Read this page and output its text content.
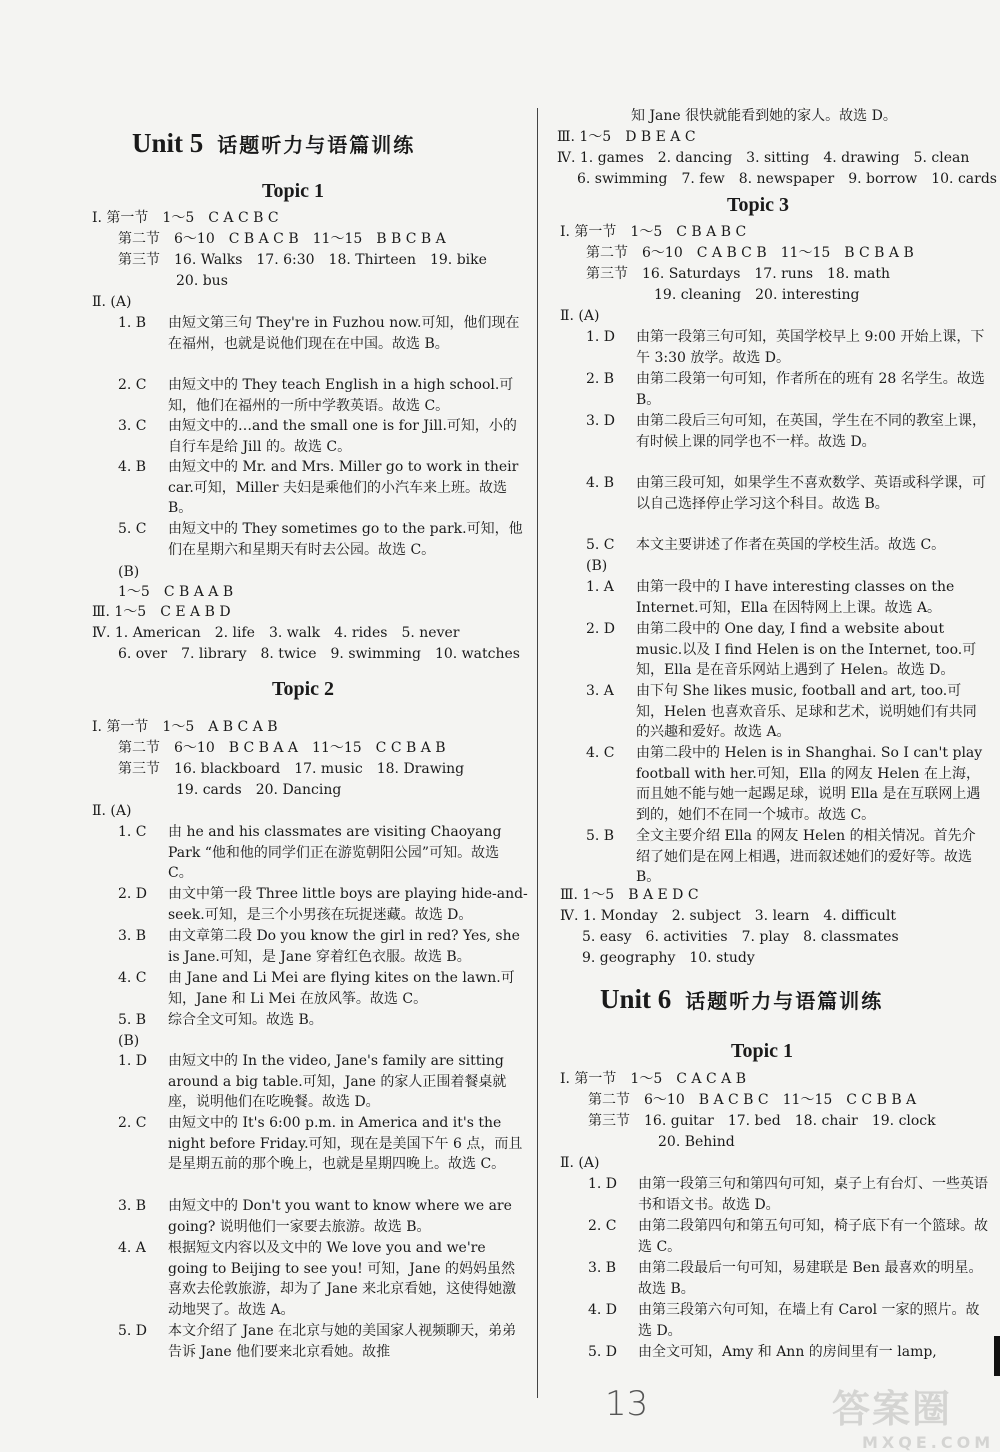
Unit 5 话题听力与语篇训练
Topic 1
Ⅰ. 第一节　1～5　C A C B C
第二节　6～10　C B A C B　11～15　B B C B A
第三节　16. Walks　17. 6:30　18. Thirteen　19. bike
20. bus
Ⅱ. (A)
1. B 由短文第三句 They're in Fuzhou now.可知，他们现在在福州，也就是说他们现在在中国。故选 B。
2. C 由短文中的 They teach English in a high school.可知，他们在福州的一所中学教英语。故选 C。
3. C 由短文中的…and the small one is for Jill.可知，小的自行车是给 Jill 的。故选 C。
4. B 由短文中的 Mr. and Mrs. Miller go to work in their car.可知，Miller 夫妇是乘他们的小汽车来上班。故选 B。
5. C 由短文中的 They sometimes go to the park.可知，他们在星期六和星期天有时去公园。故选 C。
(B)
1～5　C B A A B
Ⅲ. 1～5　C E A B D
Ⅳ. 1. American　2. life　3. walk　4. rides　5. never
6. over　7. library　8. twice　9. swimming　10. watches
Topic 2
Ⅰ. 第一节　1～5　A B C A B
第二节　6～10　B C B A A　11～15　C C B A B
第三节　16. blackboard　17. music　18. Drawing
19. cards　20. Dancing
Ⅱ. (A)
1. C 由 he and his classmates are visiting Chaoyang Park “他和他的同学们正在游览朝阳公园”可知。故选 C。
2. D 由文中第一段 Three little boys are playing hide-and-seek.可知，是三个小男孩在玩捉迷藏。故选 D。
3. B 由文章第二段 Do you know the girl in red? Yes, she is Jane.可知，是 Jane 穿着红色衣服。故选 B。
4. C 由 Jane and Li Mei are flying kites on the lawn.可知，Jane 和 Li Mei 在放风筝。故选 C。
5. B 综合全文可知。故选 B。
(B)
1. D 由短文中的 In the video, Jane's family are sitting around a big table.可知，Jane 的家人正围着餐桌就座，说明他们在吃晚餐。故选 D。
2. C 由短文中的 It's 6:00 p.m. in America and it's the night before Friday.可知，现在是美国下午 6 点，而且是星期五前的那个晚上，也就是星期四晚上。故选 C。
3. B 由短文中的 Don't you want to know where we are going? 说明他们一家要去旅游。故选 B。
4. A 根据短文内容以及文中的 We love you and we're going to Beijing to see you! 可知，Jane 的妈妈虽然喜欢去伦敦旅游，却为了 Jane 来北京看她，这使得她激动地哭了。故选 A。
5. D 本文介绍了 Jane 在北京与她的美国家人视频聊天，弟弟告诉 Jane 他们要来北京看她。故推
知 Jane 很快就能看到她的家人。故选 D。
Ⅲ. 1～5　D B E A C
Ⅳ. 1. games　2. dancing　3. sitting　4. drawing　5. clean
6. swimming　7. few　8. newspaper　9. borrow　10. cards
Topic 3
Ⅰ. 第一节　1～5　C B A B C
第二节　6～10　C A B C B　11～15　B C B A B
第三节　16. Saturdays　17. runs　18. math
19. cleaning　20. interesting
Ⅱ. (A)
1. D 由第一段第三句可知，英国学校早上 9:00 开始上课，下午 3:30 放学。故选 D。
2. B 由第二段第一句可知，作者所在的班有 28 名学生。故选 B。
3. D 由第二段后三句可知，在英国，学生在不同的教室上课，有时候上课的同学也不一样。故选 D。
4. B 由第三段可知，如果学生不喜欢数学、英语或科学课，可以自己选择停止学习这个科目。故选 B。
5. C 本文主要讲述了作者在英国的学校生活。故选 C。
(B)
1. A 由第一段中的 I have interesting classes on the Internet.可知，Ella 在因特网上上课。故选 A。
2. D 由第二段中的 One day, I find a website about music.以及 I find Helen is on the Internet, too.可知，Ella 是在音乐网站上遇到了 Helen。故选 D。
3. A 由下句 She likes music, football and art, too.可知，Helen 也喜欢音乐、足球和艺术，说明她们有共同的兴趣和爱好。故选 A。
4. C 由第二段中的 Helen is in Shanghai. So I can't play football with her.可知，Ella 的网友 Helen 在上海，而且她不能与她一起踢足球，说明 Ella 是在互联网上遇到的，她们不在同一个城市。故选 C。
5. B 全文主要介绍 Ella 的网友 Helen 的相关情况。首先介绍了她们是在网上相遇，进而叙述她们的爱好等。故选 B。
Ⅲ. 1～5　B A E D C
Ⅳ. 1. Monday　2. subject　3. learn　4. difficult
5. easy　6. activities　7. play　8. classmates
9. geography　10. study
Unit 6 话题听力与语篇训练
Topic 1
Ⅰ. 第一节　1～5　C A C A B
第二节　6～10　B A C B C　11～15　C C B B A
第三节　16. guitar　17. bed　18. chair　19. clock
20. Behind
Ⅱ. (A)
1. D 由第一段第三句和第四句可知，桌子上有台灯、一些英语书和语文书。故选 D。
2. C 由第二段第四句和第五句可知，椅子底下有一个篮球。故选 C。
3. B 由第二段最后一句可知，易建联是 Ben 最喜欢的明星。故选 B。
4. D 由第三段第六句可知，在墙上有 Carol 一家的照片。故选 D。
5. D 由全文可知，Amy 和 Ann 的房间里有一 lamp,
13	答案圈
MXQE.COM
